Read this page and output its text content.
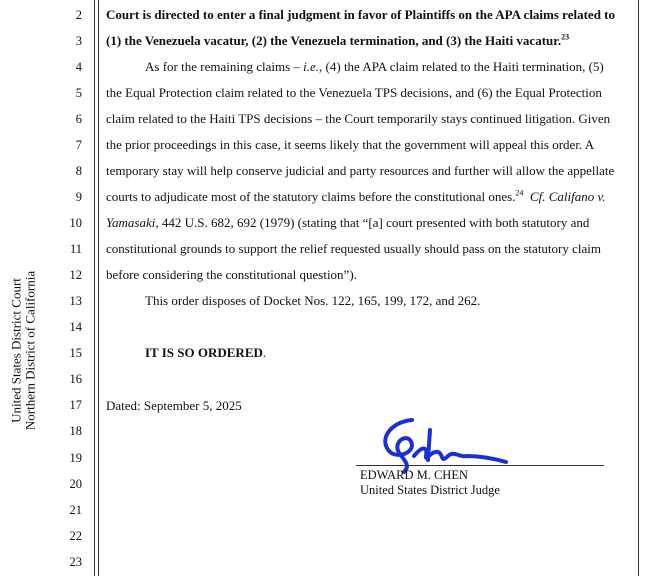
United States District Court Northern District of California
2
3
4
5
6
7
8
9
10
11
12
13
14
15
16
17
18
19
20
21
22
23
Court is directed to enter a final judgment in favor of Plaintiffs on the APA claims related to
(1) the Venezuela vacatur, (2) the Venezuela termination, and (3) the Haiti vacatur.$^{23}$
As for the remaining claims – i.e., (4) the APA claim related to the Haiti termination, (5)
the Equal Protection claim related to the Venezuela TPS decisions, and (6) the Equal Protection
claim related to the Haiti TPS decisions – the Court temporarily stays continued litigation. Given
the prior proceedings in this case, it seems likely that the government will appeal this order. A
temporary stay will help conserve judicial and party resources and further will allow the appellate
courts to adjudicate most of the statutory claims before the constitutional ones.$^{24}$ Cf. Califano v.
Yamasaki, 442 U.S. 682, 692 (1979) (stating that “[a] court presented with both statutory and
constitutional grounds to support the relief requested usually should pass on the statutory claim
before considering the constitutional question”).
This order disposes of Docket Nos. 122, 165, 199, 172, and 262.
IT IS SO ORDERED.
Dated: September 5, 2025
EDWARD M. CHEN
United States District Judge
